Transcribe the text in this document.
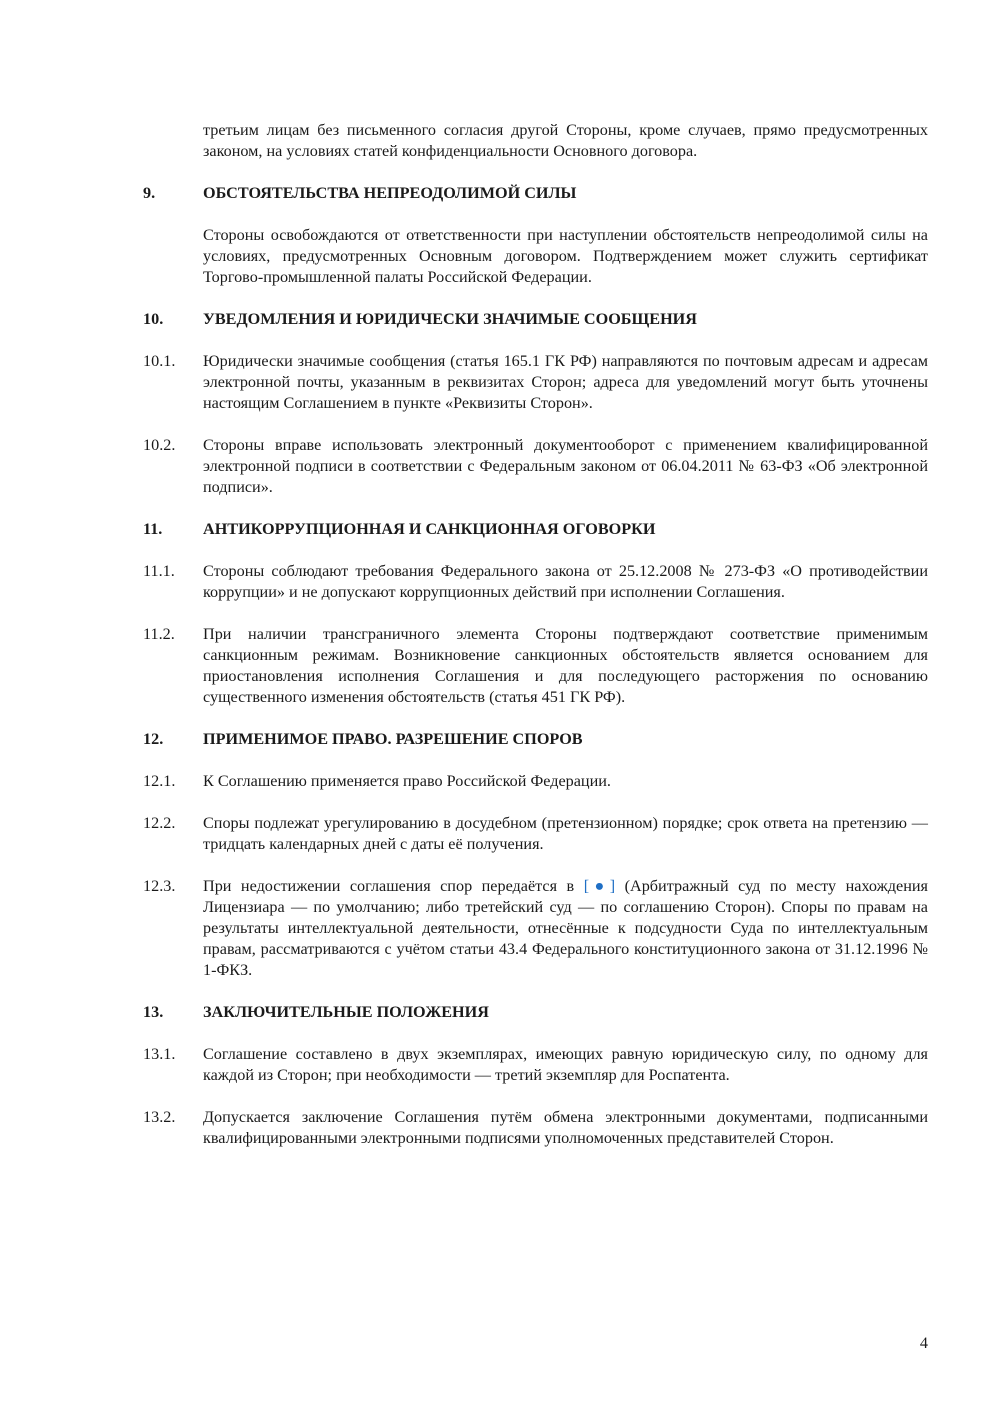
третьим лицам без письменного согласия другой Стороны, кроме случаев, прямо предусмотренных законом, на условиях статей конфиденциальности Основного договора.

9.	ОБСТОЯТЕЛЬСТВА НЕПРЕОДОЛИМОЙ СИЛЫ

Стороны освобождаются от ответственности при наступлении обстоятельств непреодолимой силы на условиях, предусмотренных Основным договором. Подтверждением может служить сертификат Торгово-промышленной палаты Российской Федерации.

10.	УВЕДОМЛЕНИЯ И ЮРИДИЧЕСКИ ЗНАЧИМЫЕ СООБЩЕНИЯ
10.1.	Юридически значимые сообщения (статья 165.1 ГК РФ) направляются по почтовым адресам и адресам электронной почты, указанным в реквизитах Сторон; адреса для уведомлений могут быть уточнены настоящим Соглашением в пункте «Реквизиты Сторон».
10.2.	Стороны вправе использовать электронный документооборот с применением квалифицированной электронной подписи в соответствии с Федеральным законом от 06.04.2011 № 63-ФЗ «Об электронной подписи».
11.	АНТИКОРРУПЦИОННАЯ И САНКЦИОННАЯ ОГОВОРКИ
11.1.	Стороны соблюдают требования Федерального закона от 25.12.2008 № 273-ФЗ «О противодействии коррупции» и не допускают коррупционных действий при исполнении Соглашения.
11.2.	При наличии трансграничного элемента Стороны подтверждают соответствие применимым санкционным режимам. Возникновение санкционных обстоятельств является основанием для приостановления исполнения Соглашения и для последующего расторжения по основанию существенного изменения обстоятельств (статья 451 ГК РФ).
12.	ПРИМЕНИМОЕ ПРАВО. РАЗРЕШЕНИЕ СПОРОВ
12.1.	К Соглашению применяется право Российской Федерации.
12.2.	Споры подлежат урегулированию в досудебном (претензионном) порядке; срок ответа на претензию — тридцать календарных дней с даты её получения.
12.3.	При недостижении соглашения спор передаётся в [●] (Арбитражный суд по месту нахождения Лицензиара — по умолчанию; либо третейский суд — по соглашению Сторон). Споры по правам на результаты интеллектуальной деятельности, отнесённые к подсудности Суда по интеллектуальным правам, рассматриваются с учётом статьи 43.4 Федерального конституционного закона от 31.12.1996 № 1-ФКЗ.
13.	ЗАКЛЮЧИТЕЛЬНЫЕ ПОЛОЖЕНИЯ
13.1.	Соглашение составлено в двух экземплярах, имеющих равную юридическую силу, по одному для каждой из Сторон; при необходимости — третий экземпляр для Роспатента.
13.2.	Допускается заключение Соглашения путём обмена электронными документами, подписанными квалифицированными электронными подписями уполномоченных представителей Сторон.
4
